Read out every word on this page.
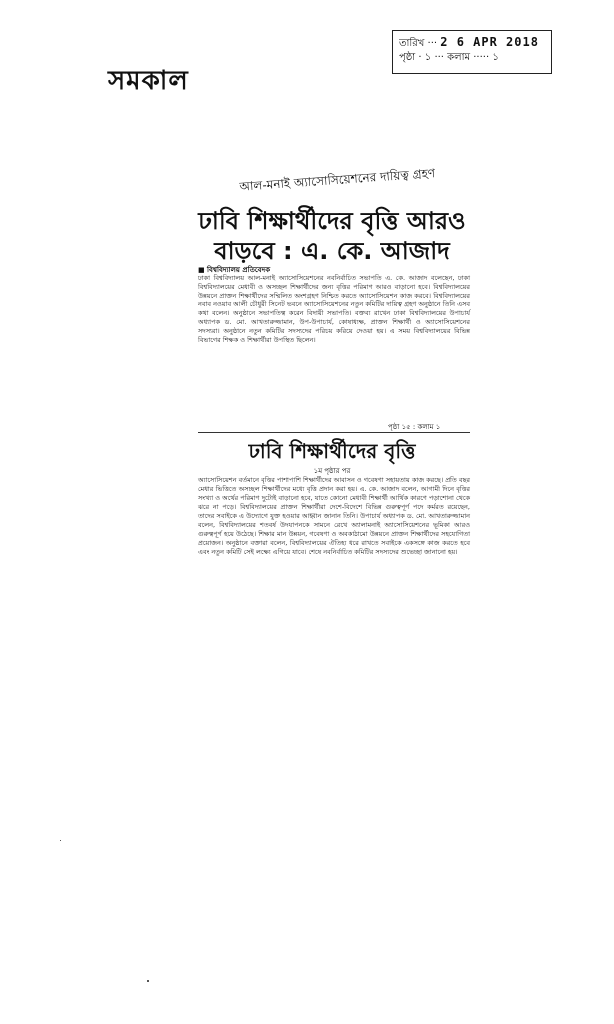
তারিখ ··· 2 6 APR 2018
পৃষ্ঠা · ১ ··· কলাম ····· ১
সমকাল
আল-মনাই অ্যাসোসিয়েশনের দায়িত্ব গ্রহণ
ঢাবি শিক্ষার্থীদের বৃত্তি আরও
বাড়বে : এ. কে. আজাদ
■ বিশ্ববিদ্যালয় প্রতিবেদক
ঢাকা বিশ্ববিদ্যালয় আল-মনাই অ্যাসোসিয়েশনের নবনির্বাচিত সভাপতি এ. কে. আজাদ বলেছেন, ঢাকা বিশ্ববিদ্যালয়ের মেধাবী ও অসচ্ছল শিক্ষার্থীদের জন্য বৃত্তির পরিমাণ আরও বাড়ানো হবে। বিশ্ববিদ্যালয়ের উন্নয়নে প্রাক্তন শিক্ষার্থীদের সম্মিলিত অংশগ্রহণ নিশ্চিত করতে অ্যাসোসিয়েশন কাজ করবে। বিশ্ববিদ্যালয়ের নবাব নওয়াব আলী চৌধুরী সিনেট ভবনে অ্যাসোসিয়েশনের নতুন কমিটির দায়িত্ব গ্রহণ অনুষ্ঠানে তিনি এসব কথা বলেন। অনুষ্ঠানে সভাপতিত্ব করেন বিদায়ী সভাপতি। বক্তব্য রাখেন ঢাকা বিশ্ববিদ্যালয়ের উপাচার্য অধ্যাপক ড. মো. আখতারুজ্জামান, উপ-উপাচার্য, কোষাধ্যক্ষ, প্রাক্তন শিক্ষার্থী ও অ্যাসোসিয়েশনের সদস্যরা। অনুষ্ঠানে নতুন কমিটির সদস্যদের পরিচয় করিয়ে দেওয়া হয়। এ সময় বিশ্ববিদ্যালয়ের বিভিন্ন বিভাগের শিক্ষক ও শিক্ষার্থীরা উপস্থিত ছিলেন।
পৃষ্ঠা ১৫ : কলাম ১
ঢাবি শিক্ষার্থীদের বৃত্তি
১ম পৃষ্ঠার পর
অ্যাসোসিয়েশন বর্তমানে বৃত্তির পাশাপাশি শিক্ষার্থীদের আবাসন ও গবেষণা সহায়তায় কাজ করছে। প্রতি বছর মেধার ভিত্তিতে অসচ্ছল শিক্ষার্থীদের মধ্যে বৃত্তি প্রদান করা হয়। এ. কে. আজাদ বলেন, আগামী দিনে বৃত্তির সংখ্যা ও অর্থের পরিমাণ দুটোই বাড়ানো হবে, যাতে কোনো মেধাবী শিক্ষার্থী আর্থিক কারণে পড়াশোনা থেকে ঝরে না পড়ে। বিশ্ববিদ্যালয়ের প্রাক্তন শিক্ষার্থীরা দেশে-বিদেশে বিভিন্ন গুরুত্বপূর্ণ পদে কর্মরত রয়েছেন, তাদের সবাইকে এ উদ্যোগে যুক্ত হওয়ার আহ্বান জানান তিনি। উপাচার্য অধ্যাপক ড. মো. আখতারুজ্জামান বলেন, বিশ্ববিদ্যালয়ের শতবর্ষ উদযাপনকে সামনে রেখে অ্যালামনাই অ্যাসোসিয়েশনের ভূমিকা আরও গুরুত্বপূর্ণ হয়ে উঠেছে। শিক্ষার মান উন্নয়ন, গবেষণা ও অবকাঠামো উন্নয়নে প্রাক্তন শিক্ষার্থীদের সহযোগিতা প্রয়োজন। অনুষ্ঠানে বক্তারা বলেন, বিশ্ববিদ্যালয়ের ঐতিহ্য ধরে রাখতে সবাইকে একসঙ্গে কাজ করতে হবে এবং নতুন কমিটি সেই লক্ষ্যে এগিয়ে যাবে। শেষে নবনির্বাচিত কমিটির সদস্যদের শুভেচ্ছা জানানো হয়।
